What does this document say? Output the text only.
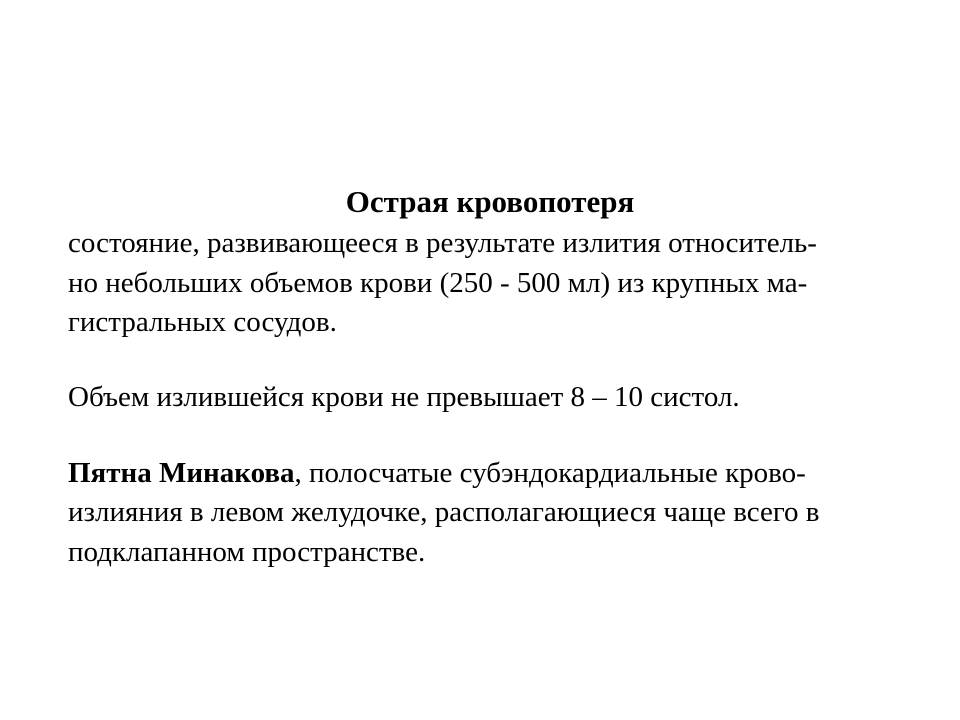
Острая кровопотеря
состояние, развивающееся в результате излития относитель-
но небольших объемов крови (250 - 500 мл) из крупных ма-
гистральных сосудов.
Объем излившейся крови не превышает 8 – 10 систол.
Пятна Минакова, полосчатые субэндокардиальные крово-
излияния в левом желудочке, располагающиеся чаще всего в
подклапанном пространстве.
